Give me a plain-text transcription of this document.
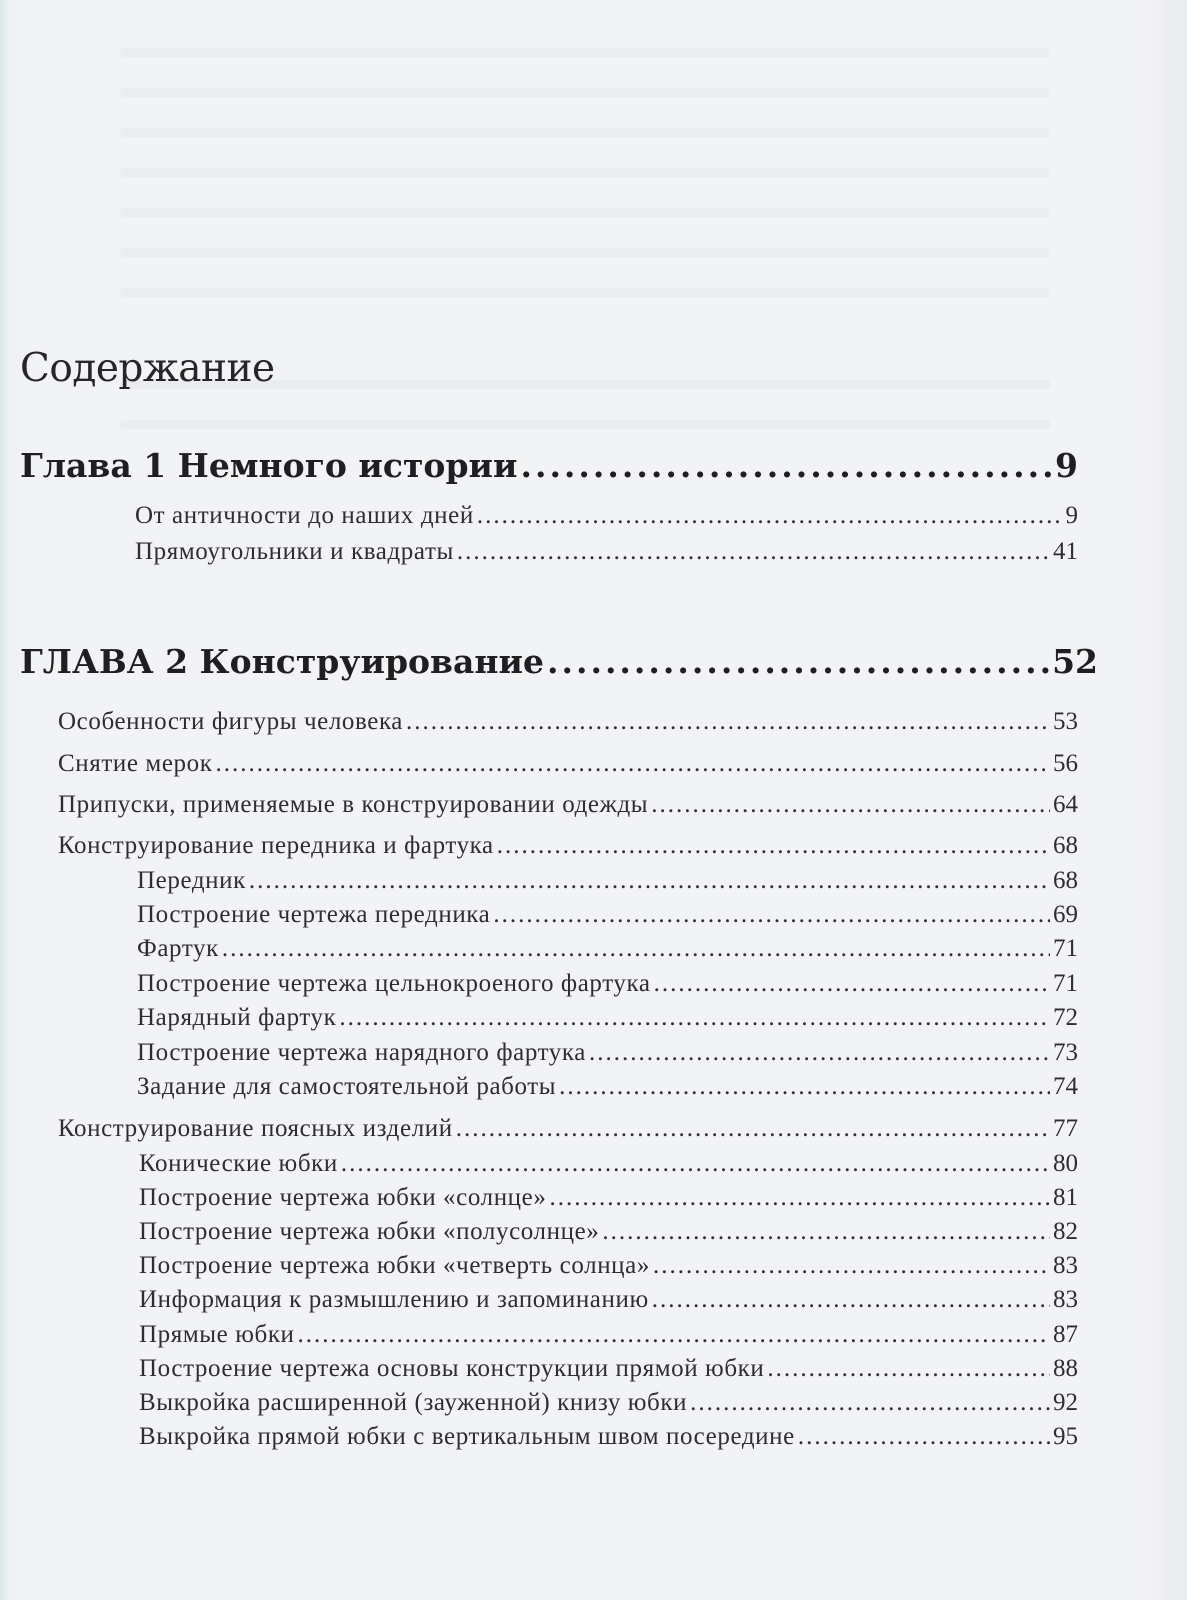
Содержание
Глава 1 Немного истории .....	9
От античности до наших дней .....	9
Прямоугольники и квадраты .....	41
ГЛАВА 2 Конструирование .....	52
Особенности фигуры человека .....	53
Снятие мерок .....	56
Припуски, применяемые в конструировании одежды .....	64
Конструирование передника и фартука .....	68
Передник .....	68
Построение чертежа передника .....	69
Фартук .....	71
Построение чертежа цельнокроеного фартука .....	71
Нарядный фартук .....	72
Построение чертежа нарядного фартука .....	73
Задание для самостоятельной работы .....	74
Конструирование поясных изделий .....	77
Конические юбки .....	80
Построение чертежа юбки «солнце» .....	81
Построение чертежа юбки «полусолнце» .....	82
Построение чертежа юбки «четверть солнца» .....	83
Информация к размышлению и запоминанию .....	83
Прямые юбки .....	87
Построение чертежа основы конструкции прямой юбки .....	88
Выкройка расширенной (зауженной) книзу юбки .....	92
Выкройка прямой юбки с вертикальным швом посередине .....	95
